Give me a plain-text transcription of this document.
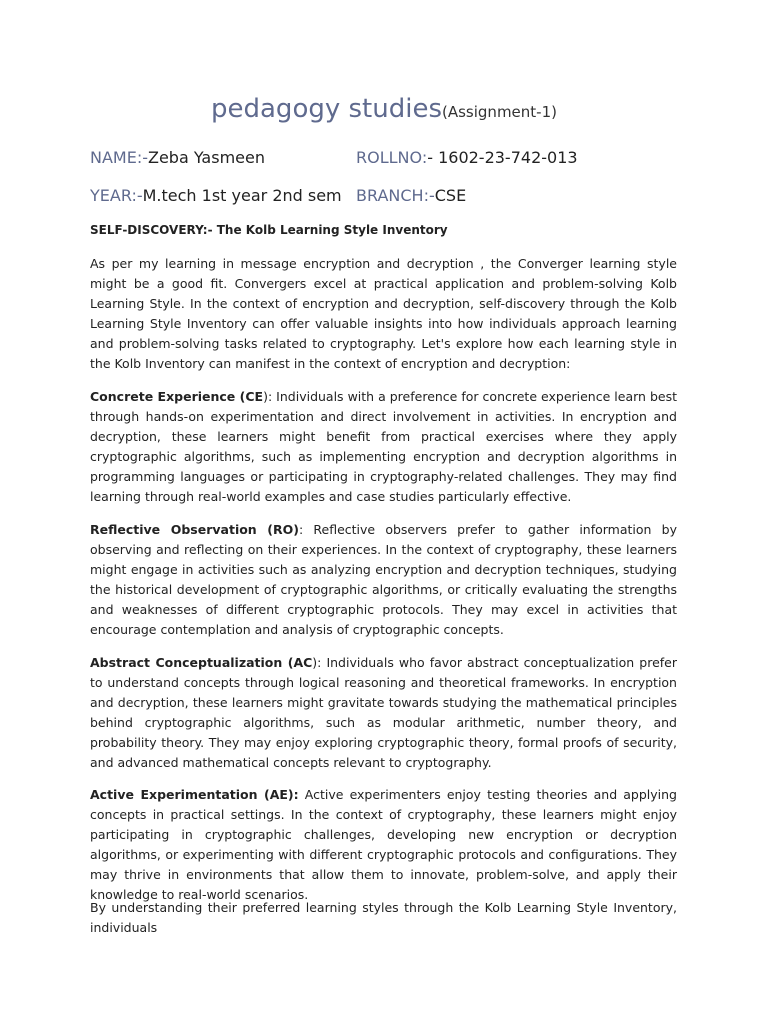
pedagogy studies(Assignment-1)
NAME:-Zeba Yasmeen	ROLLNO:- 1602-23-742-013
YEAR:-M.tech 1st year 2nd sem BRANCH:-CSE
SELF-DISCOVERY:- The Kolb Learning Style Inventory

As per my learning in message encryption and decryption , the Converger learning style might be a good fit. Convergers excel at practical application and problem-solving Kolb Learning Style. In the context of encryption and decryption, self-discovery through the Kolb Learning Style Inventory can offer valuable insights into how individuals approach learning and problem-solving tasks related to cryptography. Let's explore how each learning style in the Kolb Inventory can manifest in the context of encryption and decryption:

Concrete Experience (CE): Individuals with a preference for concrete experience learn best through hands-on experimentation and direct involvement in activities. In encryption and decryption, these learners might benefit from practical exercises where they apply cryptographic algorithms, such as implementing encryption and decryption algorithms in programming languages or participating in cryptography-related challenges. They may find learning through real-world examples and case studies particularly effective.

Reflective Observation (RO): Reflective observers prefer to gather information by observing and reflecting on their experiences. In the context of cryptography, these learners might engage in activities such as analyzing encryption and decryption techniques, studying the historical development of cryptographic algorithms, or critically evaluating the strengths and weaknesses of different cryptographic protocols. They may excel in activities that encourage contemplation and analysis of cryptographic concepts.

Abstract Conceptualization (AC): Individuals who favor abstract conceptualization prefer to understand concepts through logical reasoning and theoretical frameworks. In encryption and decryption, these learners might gravitate towards studying the mathematical principles behind cryptographic algorithms, such as modular arithmetic, number theory, and probability theory. They may enjoy exploring cryptographic theory, formal proofs of security, and advanced mathematical concepts relevant to cryptography.

Active Experimentation (AE): Active experimenters enjoy testing theories and applying concepts in practical settings. In the context of cryptography, these learners might enjoy participating in cryptographic challenges, developing new encryption or decryption algorithms, or experimenting with different cryptographic protocols and configurations. They may thrive in environments that allow them to innovate, problem-solve, and apply their knowledge to real-world scenarios.

By understanding their preferred learning styles through the Kolb Learning Style Inventory, individuals
